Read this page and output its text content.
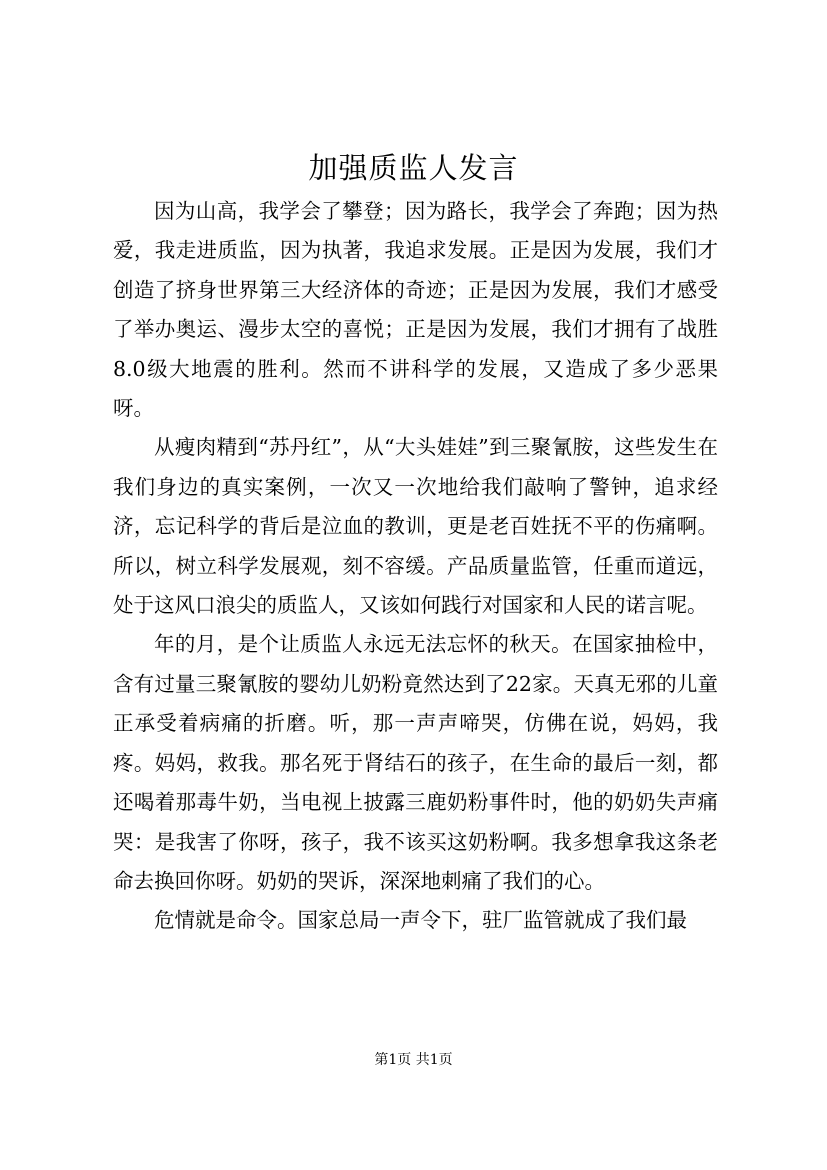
加强质监人发言

因为山高，我学会了攀登；因为路长，我学会了奔跑；因为热爱，我走进质监，因为执著，我追求发展。正是因为发展，我们才创造了挤身世界第三大经济体的奇迹；正是因为发展，我们才感受了举办奥运、漫步太空的喜悦；正是因为发展，我们才拥有了战胜8.0级大地震的胜利。然而不讲科学的发展，又造成了多少恶果呀。

从瘦肉精到“苏丹红”，从“大头娃娃”到三聚氰胺，这些发生在我们身边的真实案例，一次又一次地给我们敲响了警钟，追求经济，忘记科学的背后是泣血的教训，更是老百姓抚不平的伤痛啊。所以，树立科学发展观，刻不容缓。产品质量监管，任重而道远，处于这风口浪尖的质监人，又该如何践行对国家和人民的诺言呢。

年的月，是个让质监人永远无法忘怀的秋天。在国家抽检中，含有过量三聚氰胺的婴幼儿奶粉竟然达到了22家。天真无邪的儿童正承受着病痛的折磨。听，那一声声啼哭，仿佛在说，妈妈，我疼。妈妈，救我。那名死于肾结石的孩子，在生命的最后一刻，都还喝着那毒牛奶，当电视上披露三鹿奶粉事件时，他的奶奶失声痛哭：是我害了你呀，孩子，我不该买这奶粉啊。我多想拿我这条老命去换回你呀。奶奶的哭诉，深深地刺痛了我们的心。

危情就是命令。国家总局一声令下，驻厂监管就成了我们最

第1页 共1页
